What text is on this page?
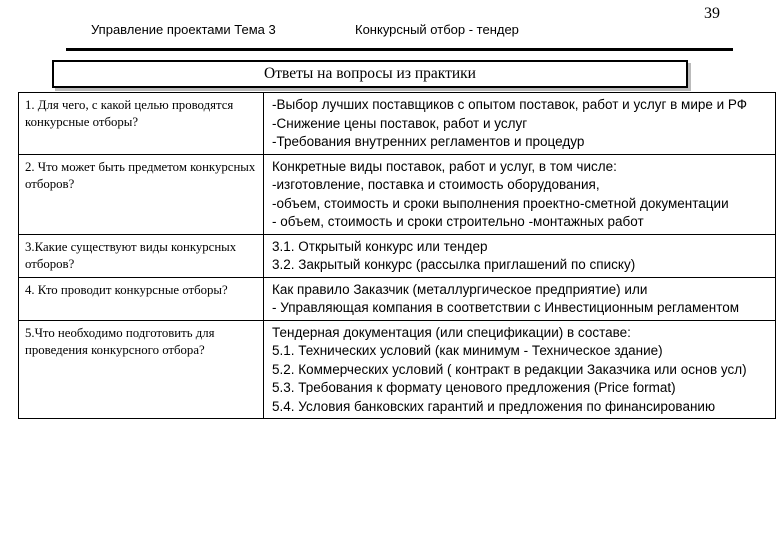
Управление проектами Тема 3	Конкурсный отбор - тендер
39
Ответы на вопросы из практики
1. Для чего, с какой целью проводятся конкурсные отборы?	-Выбор лучших поставщиков с опытом поставок, работ и услуг в мире и РФ
-Снижение цены поставок, работ и услуг
-Требования внутренних регламентов и процедур

2. Что может быть предметом конкурсных отборов?	Конкретные виды поставок, работ и услуг, в том числе:
-изготовление, поставка и стоимость оборудования,
-объем, стоимость и сроки выполнения проектно-сметной документации
- объем, стоимость и сроки строительно -монтажных работ

3.Какие существуют виды конкурсных отборов?	3.1. Открытый конкурс или тендер
3.2. Закрытый конкурс (рассылка приглашений по списку)

4. Кто проводит конкурсные отборы?	Как правило Заказчик (металлургическое предприятие) или
- Управляющая компания в соответствии с Инвестиционным регламентом

5.Что необходимо подготовить для проведения конкурсного отбора?	Тендерная документация (или спецификации) в составе:
5.1. Технических условий (как минимум - Техническое здание)
5.2. Коммерческих условий ( контракт в редакции Заказчика или основ усл)
5.3. Требования к формату ценового предложения (Price format)
5.4. Условия банковских гарантий и предложения по финансированию
